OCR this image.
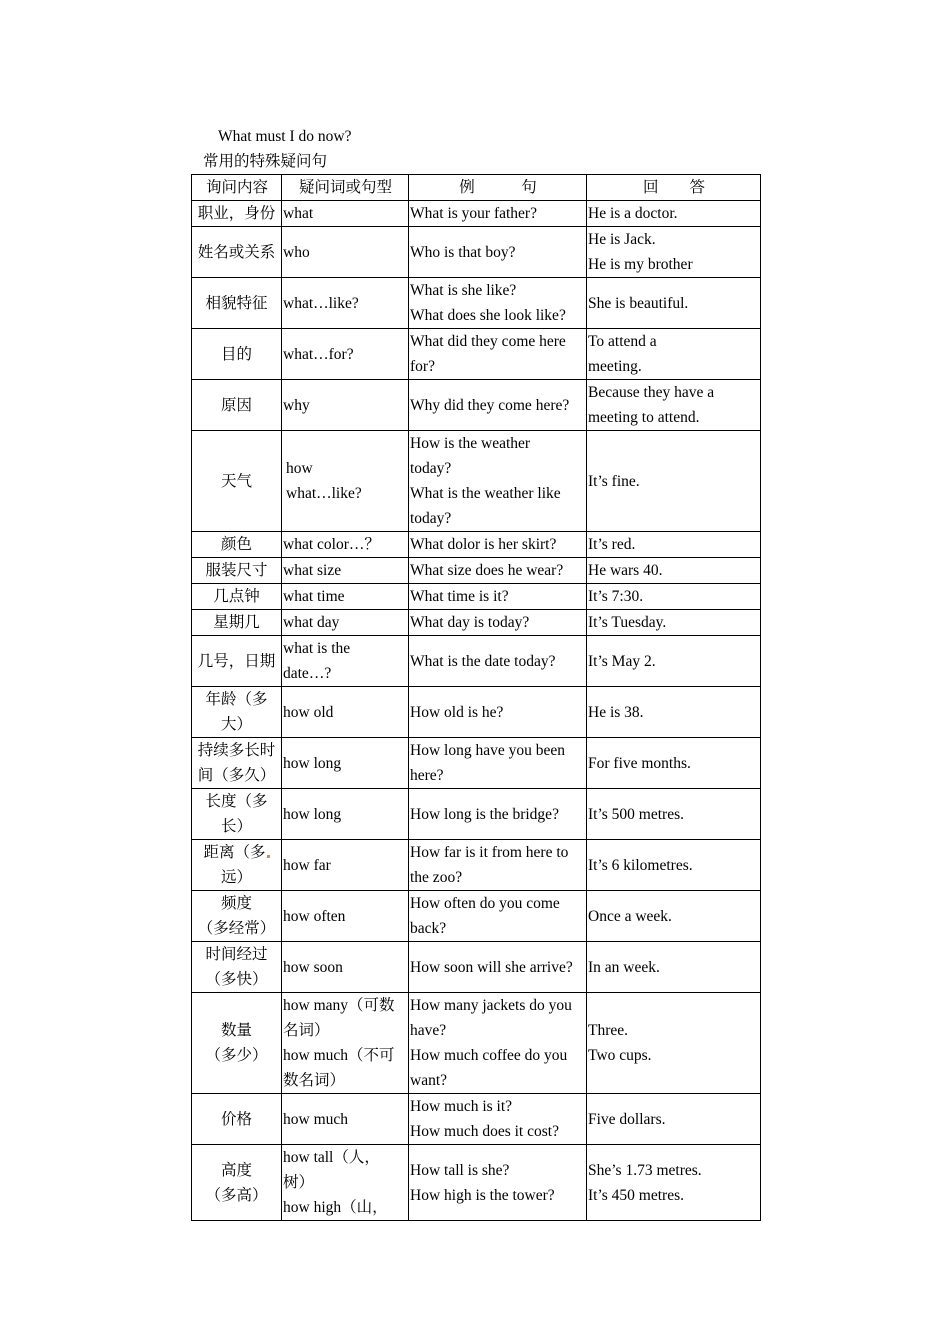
What must I do now?
常用的特殊疑问句
询问内容	疑问词或句型	例　　　句	回　　答

职业，身份	what	What is your father?	He is a doctor.

姓名或关系	who	Who is that boy?	He is Jack.
He is my brother

相貌特征	what…like?	What is she like?
What does she look like?	She is beautiful.

目的	what…for?	What did they come here
for?	To attend a
meeting.

原因	why	Why did they come here?	Because they have a
meeting to attend.

天气	how
what…like?	How is the weather
today?
What is the weather like
today?	It’s fine.

颜色	what color…？	What dolor is her skirt?	It’s red.

服装尺寸	what size	What size does he wear?	He wars 40.

几点钟	what time	What time is it?	It’s 7:30.

星期几	what day	What day is today?	It’s Tuesday.

几号，日期	what is the
date…?	What is the date today?	It’s May 2.

年龄（多
大）	how old	How old is he?	He is 38.

持续多长时
间（多久）	how long	How long have you been
here?	For five months.

长度（多
长）	how long	How long is the bridge?	It’s 500 metres.

距离（多
远）	how far	How far is it from here to
the zoo?	It’s 6 kilometres.

频度
（多经常）	how often	How often do you come
back?	Once a week.

时间经过
（多快）	how soon	How soon will she arrive?	In an week.

数量
（多少）	how many（可数
名词）
how much（不可
数名词）	How many jackets do you
have?
How much coffee do you
want?	Three.
Two cups.

价格	how much	How much is it?
How much does it cost?	Five dollars.

高度
（多高）	how tall（人，
树）
how high（山，	How tall is she?
How high is the tower?	She’s 1.73 metres.
It’s 450 metres.
